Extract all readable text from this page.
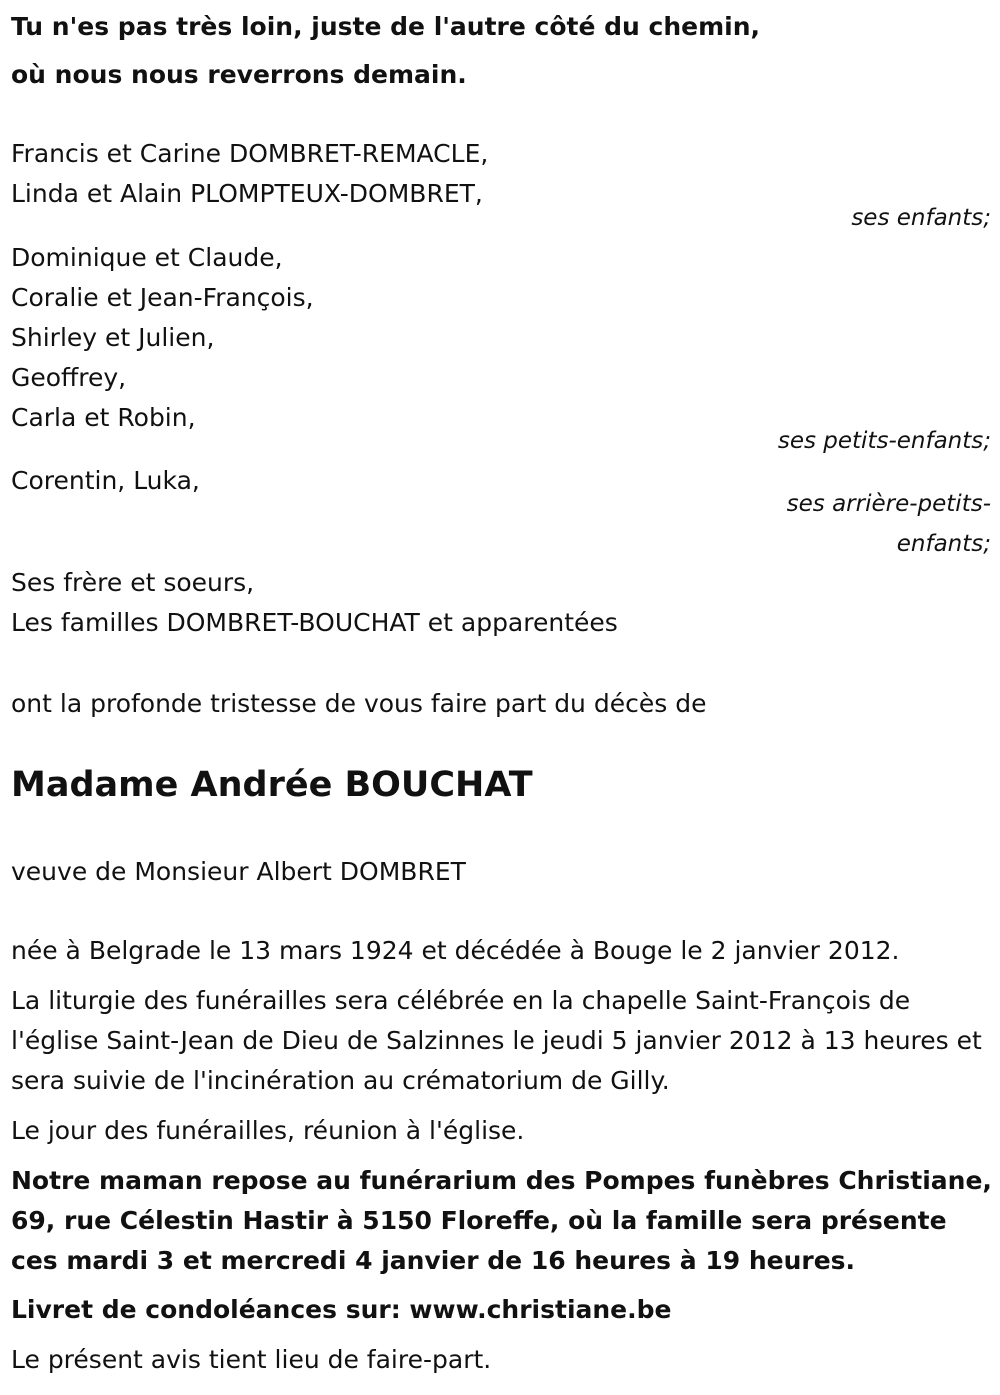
Tu n'es pas très loin, juste de l'autre côté du chemin,
où nous nous reverrons demain.
Francis et Carine DOMBRET-REMACLE,
Linda et Alain PLOMPTEUX-DOMBRET,
ses enfants;
Dominique et Claude,
Coralie et Jean-François,
Shirley et Julien,
Geoffrey,
Carla et Robin,
ses petits-enfants;
Corentin, Luka,
ses arrière-petits-
enfants;
Ses frère et soeurs,
Les familles DOMBRET-BOUCHAT et apparentées
ont la profonde tristesse de vous faire part du décès de
Madame Andrée BOUCHAT
veuve de Monsieur Albert DOMBRET
née à Belgrade le 13 mars 1924 et décédée à Bouge le 2 janvier 2012.
La liturgie des funérailles sera célébrée en la chapelle Saint-François de l'église Saint-Jean de Dieu de Salzinnes le jeudi 5 janvier 2012 à 13 heures et sera suivie de l'incinération au crématorium de Gilly.
Le jour des funérailles, réunion à l'église.
Notre maman repose au funérarium des Pompes funèbres Christiane, 69, rue Célestin Hastir à 5150 Floreffe, où la famille sera présente ces mardi 3 et mercredi 4 janvier de 16 heures à 19 heures.
Livret de condoléances sur: www.christiane.be
Le présent avis tient lieu de faire-part.
